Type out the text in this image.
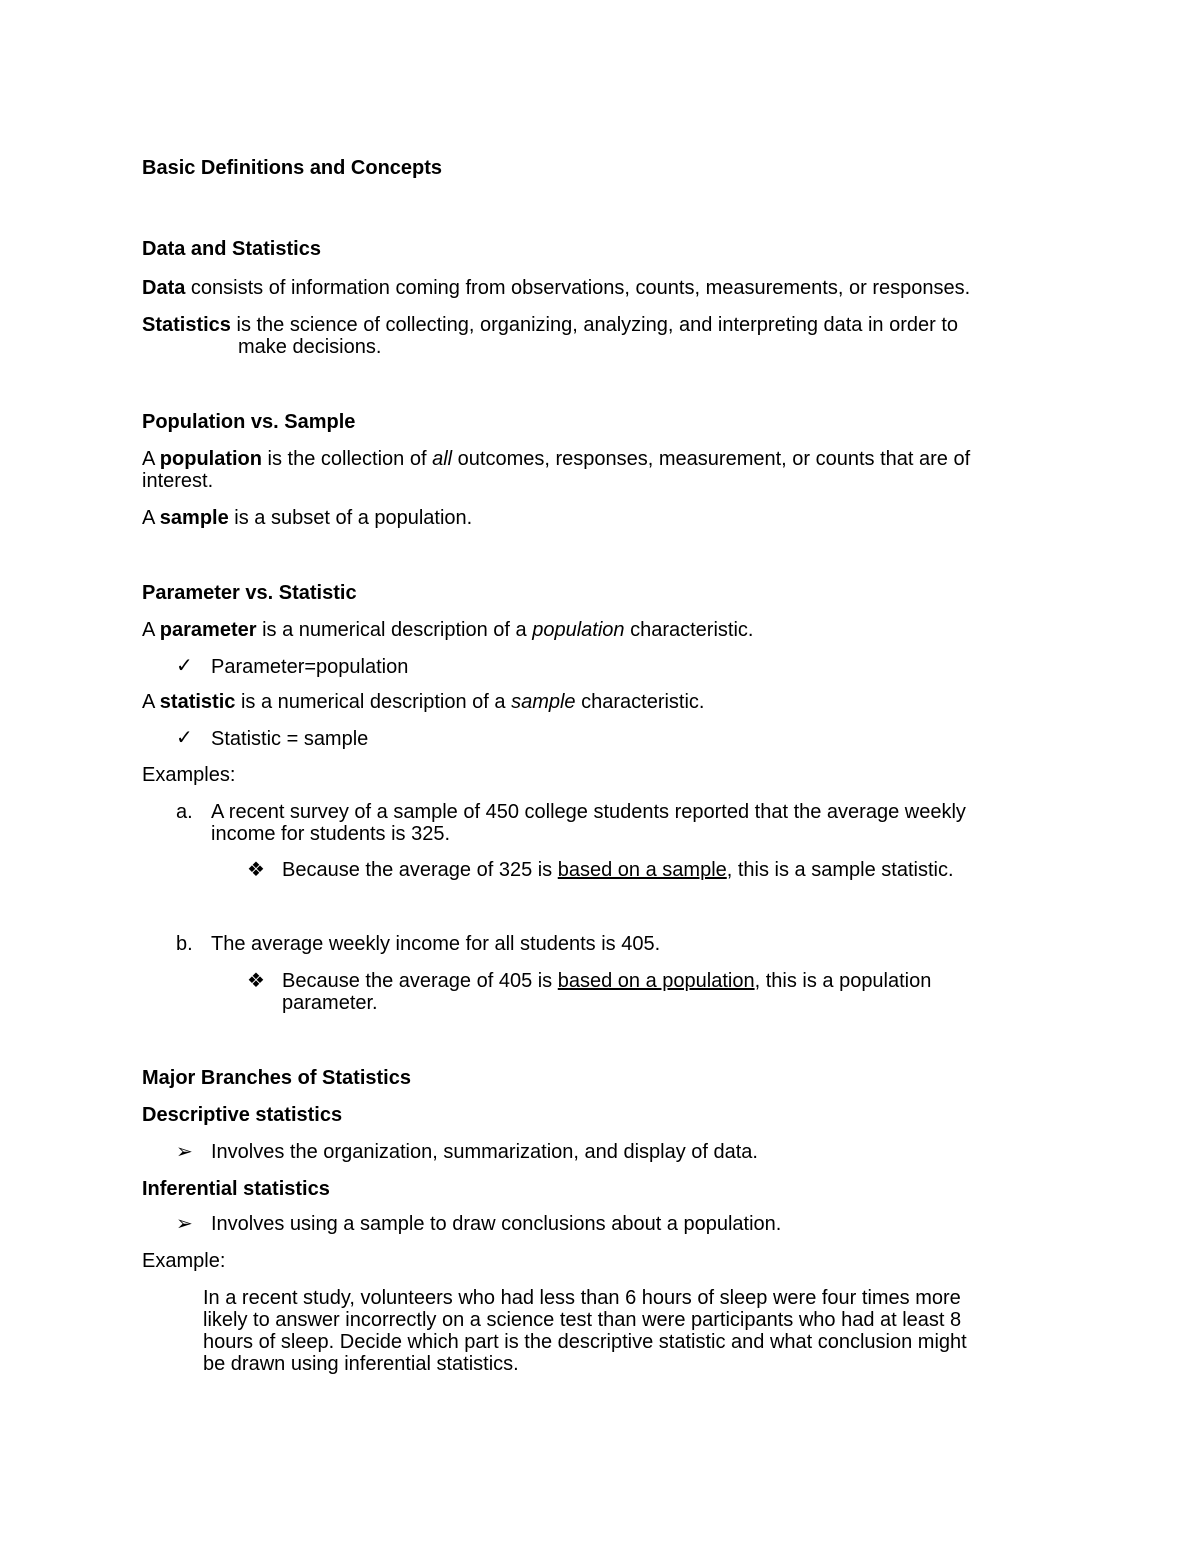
Basic Definitions and Concepts
Data and Statistics
Data consists of information coming from observations, counts, measurements, or responses.
Statistics is the science of collecting, organizing, analyzing, and interpreting data in order to
make decisions.
Population vs. Sample
A population is the collection of all outcomes, responses, measurement, or counts that are of
interest.
A sample is a subset of a population.
Parameter vs. Statistic
A parameter is a numerical description of a population characteristic.
✓ Parameter=population
A statistic is a numerical description of a sample characteristic.
✓ Statistic = sample
Examples:
a. A recent survey of a sample of 450 college students reported that the average weekly
income for students is 325.
❖ Because the average of 325 is based on a sample, this is a sample statistic.
b. The average weekly income for all students is 405.
❖ Because the average of 405 is based on a population, this is a population
parameter.
Major Branches of Statistics
Descriptive statistics
➢ Involves the organization, summarization, and display of data.
Inferential statistics
➢ Involves using a sample to draw conclusions about a population.
Example:
In a recent study, volunteers who had less than 6 hours of sleep were four times more
likely to answer incorrectly on a science test than were participants who had at least 8
hours of sleep. Decide which part is the descriptive statistic and what conclusion might
be drawn using inferential statistics.
